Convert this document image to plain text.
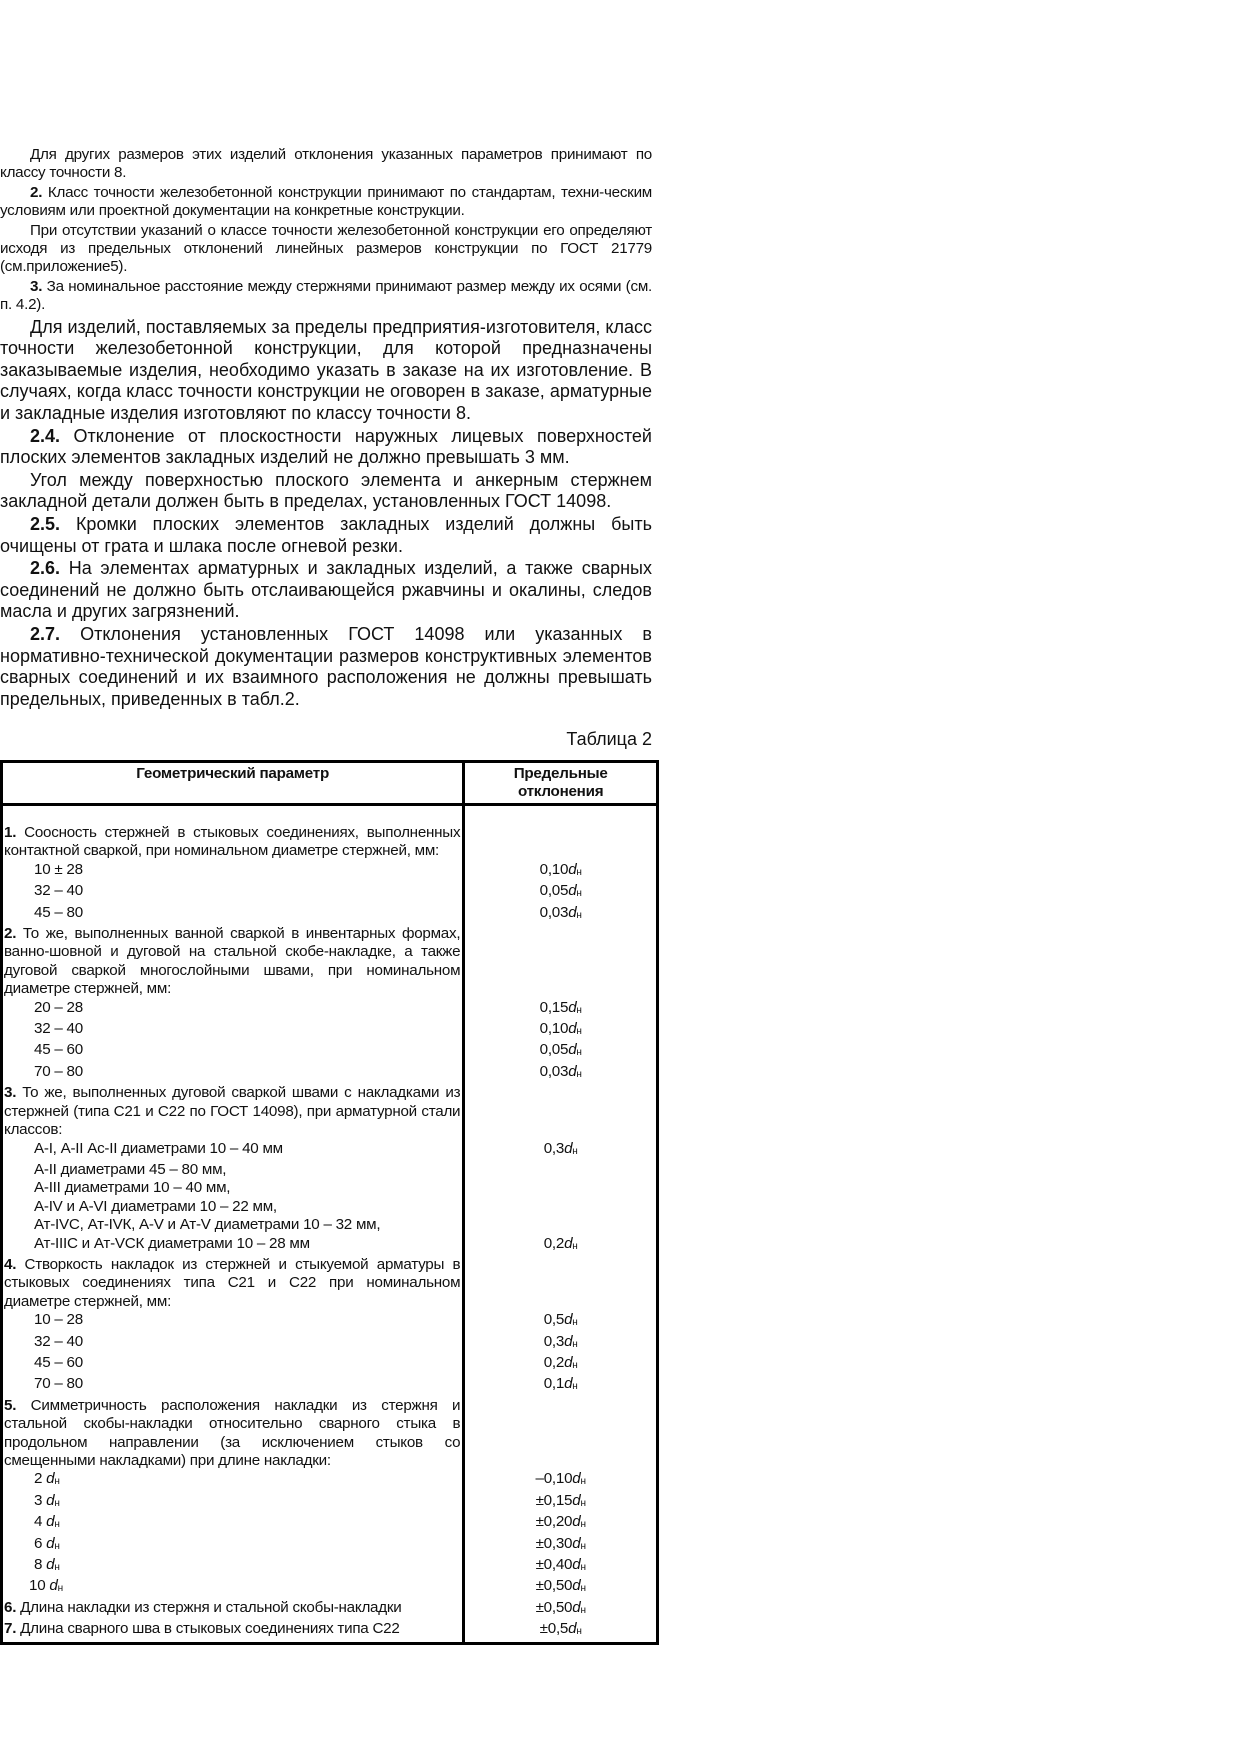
Для других размеров этих изделий отклонения указанных параметров принимают по классу точности 8.

2. Класс точности железобетонной конструкции принимают по стандартам, техни-ческим условиям или проектной документации на конкретные конструкции.

При отсутствии указаний о классе точности железобетонной конструкции его определяют исходя из предельных отклонений линейных размеров конструкции по ГОСТ 21779 (см.приложение5).

3. За номинальное расстояние между стержнями принимают размер между их осями (см. п. 4.2).

Для изделий, поставляемых за пределы предприятия-изготовителя, класс точности железобетонной конструкции, для которой предназначены заказываемые изделия, необходимо указать в заказе на их изготовление. В случаях, когда класс точности конструкции не оговорен в заказе, арматурные и закладные изделия изготовляют по классу точности 8.

2.4. Отклонение от плоскостности наружных лицевых поверхностей плоских элементов закладных изделий не должно превышать 3 мм.

Угол между поверхностью плоского элемента и анкерным стержнем закладной детали должен быть в пределах, установленных ГОСТ 14098.

2.5. Кромки плоских элементов закладных изделий должны быть очищены от грата и шлака после огневой резки.

2.6. На элементах арматурных и закладных изделий, а также сварных соединений не должно быть отслаивающейся ржавчины и окалины, следов масла и других загрязнений.

2.7. Отклонения установленных ГОСТ 14098 или указанных в нормативно-технической документации размеров конструктивных элементов сварных соединений и их взаимного расположения не должны превышать предельных, приведенных в табл.2.

Таблица 2
Геометрический параметр	Предельные отклонения

1. Соосность стержней в стыковых соединениях, выполненных контактной сваркой, при номинальном диаметре стержней, мм:	
10 ± 28	$0,10d_н$
32 – 40	$0,05d_н$
45 – 80	$0,03d_н$
2. То же, выполненных ванной сваркой в инвентарных формах, ванно-шовной и дуговой на стальной скобе-накладке, а также дуговой сваркой многослойными швами, при номинальном диаметре стержней, мм:	
20 – 28	$0,15d_н$
32 – 40	$0,10d_н$
45 – 60	$0,05d_н$
70 – 80	$0,03d_н$
3. То же, выполненных дуговой сваркой швами с накладками из стержней (типа С21 и С22 по ГОСТ 14098), при арматурной стали классов:	
А-I, А-II Ас-II диаметрами 10 – 40 мм	$0,3d_н$
А-II диаметрами 45 – 80 мм,	
А-III диаметрами 10 – 40 мм,	
А-IV и А-VI диаметрами 10 – 22 мм,	
Ат-IVС, Ат-IVК, А-V и Ат-V диаметрами 10 – 32 мм,	
Ат-IIIС и Ат-VСК диаметрами 10 – 28 мм	$0,2d_н$
4. Створкость накладок из стержней и стыкуемой арматуры в стыковых соединениях типа С21 и С22 при номинальном диаметре стержней, мм:	
10 – 28	$0,5d_н$
32 – 40	$0,3d_н$
45 – 60	$0,2d_н$
70 – 80	$0,1d_н$
5. Симметричность расположения накладки из стержня и стальной скобы-накладки относительно сварного стыка в продольном направлении (за исключением стыков со смещенными накладками) при длине накладки:	
2 $d_н$	$-0,10d_н$
3 $d_н$	$\pm 0,15d_н$
4 $d_н$	$\pm 0,20d_н$
6 $d_н$	$\pm 0,30d_н$
8 $d_н$	$\pm 0,40d_н$
10 $d_н$	$\pm 0,50d_н$
6. Длина накладки из стержня и стальной скобы-накладки	$\pm 0,50d_н$
7. Длина сварного шва в стыковых соединениях типа С22	$\pm 0,5d_н$
